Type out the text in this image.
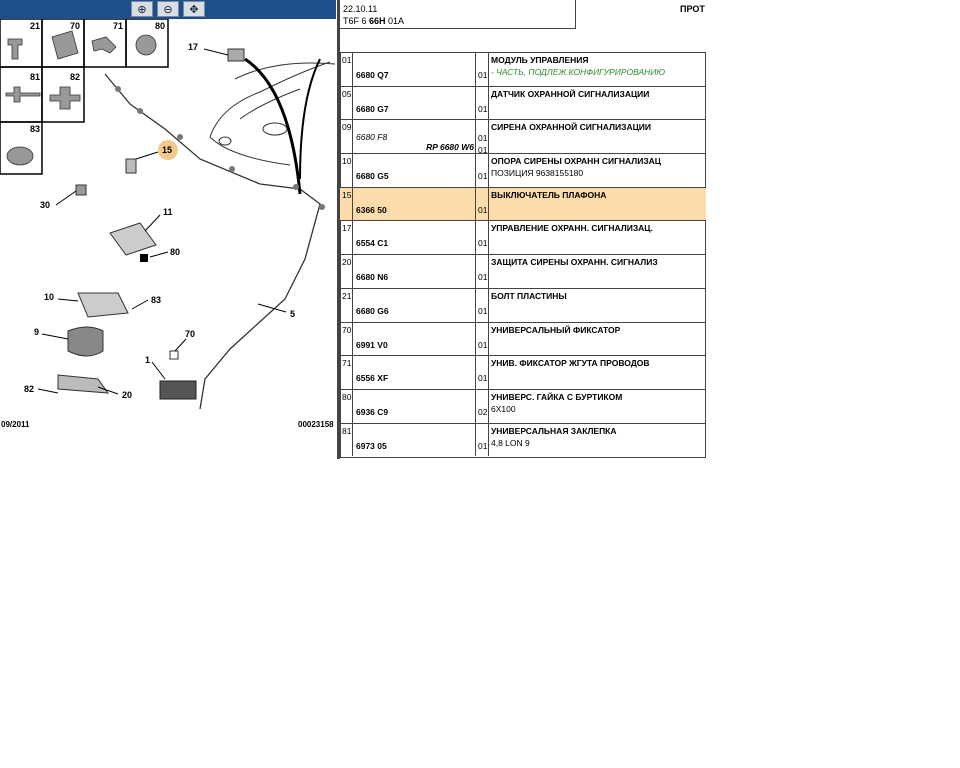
⊕ ⊖ ✥
21	70	71	80
81	82
83
17
15
30
11
80
10	83
9	70
1
82
20
5
09/2011	00023158
22.10.11
T6F 6 66H 01A
ПРОТ
01
6680 Q7	01
МОДУЛЬ УПРАВЛЕНИЯ
- ЧАСТЬ, ПОДЛЕЖ.КОНФИГУРИРОВАНИЮ
05
6680 G7	01
ДАТЧИК ОХРАННОЙ СИГНАЛИЗАЦИИ
09
6680 F8
RP 6680 W6
01
01
СИРЕНА ОХРАННОЙ СИГНАЛИЗАЦИИ
10
6680 G5	01
ОПОРА СИРЕНЫ ОХРАНН СИГНАЛИЗАЦ
ПОЗИЦИЯ 9638155180
15
6366 50	01
ВЫКЛЮЧАТЕЛЬ ПЛАФОНА
17
6554 C1	01
УПРАВЛЕНИЕ ОХРАНН. СИГНАЛИЗАЦ.
20
6680 N6	01
ЗАЩИТА СИРЕНЫ ОХРАНН. СИГНАЛИЗ
21
6680 G6	01
БОЛТ ПЛАСТИНЫ
70
6991 V0	01
УНИВЕРСАЛЬНЫЙ ФИКСАТОР
71
6556 XF	01
УНИВ. ФИКСАТОР ЖГУТА ПРОВОДОВ
80
6936 C9	02
УНИВЕРС. ГАЙКА С БУРТИКОМ
6X100
81
6973 05	01
УНИВЕРСАЛЬНАЯ ЗАКЛЕПКА
4,8 LON 9
